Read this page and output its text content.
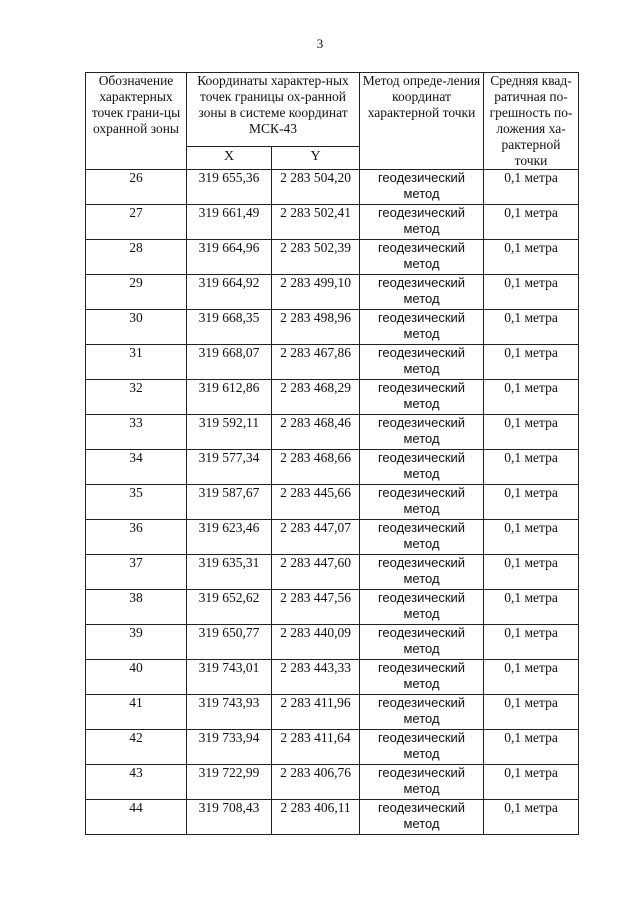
3
Обозначение характерных точек грани-цы охранной зоны	Координаты характер-ных точек границы ох-ранной зоны в системе координат МСК-43		Метод опреде-ления координат характерной точки	Средняя квад-ратичная по-грешность по-ложения ха-рактерной точки
	X	Y		
26	319 655,36	2 283 504,20	геодезический метод	0,1 метра
27	319 661,49	2 283 502,41	геодезический метод	0,1 метра
28	319 664,96	2 283 502,39	геодезический метод	0,1 метра
29	319 664,92	2 283 499,10	геодезический метод	0,1 метра
30	319 668,35	2 283 498,96	геодезический метод	0,1 метра
31	319 668,07	2 283 467,86	геодезический метод	0,1 метра
32	319 612,86	2 283 468,29	геодезический метод	0,1 метра
33	319 592,11	2 283 468,46	геодезический метод	0,1 метра
34	319 577,34	2 283 468,66	геодезический метод	0,1 метра
35	319 587,67	2 283 445,66	геодезический метод	0,1 метра
36	319 623,46	2 283 447,07	геодезический метод	0,1 метра
37	319 635,31	2 283 447,60	геодезический метод	0,1 метра
38	319 652,62	2 283 447,56	геодезический метод	0,1 метра
39	319 650,77	2 283 440,09	геодезический метод	0,1 метра
40	319 743,01	2 283 443,33	геодезический метод	0,1 метра
41	319 743,93	2 283 411,96	геодезический метод	0,1 метра
42	319 733,94	2 283 411,64	геодезический метод	0,1 метра
43	319 722,99	2 283 406,76	геодезический метод	0,1 метра
44	319 708,43	2 283 406,11	геодезический метод	0,1 метра
